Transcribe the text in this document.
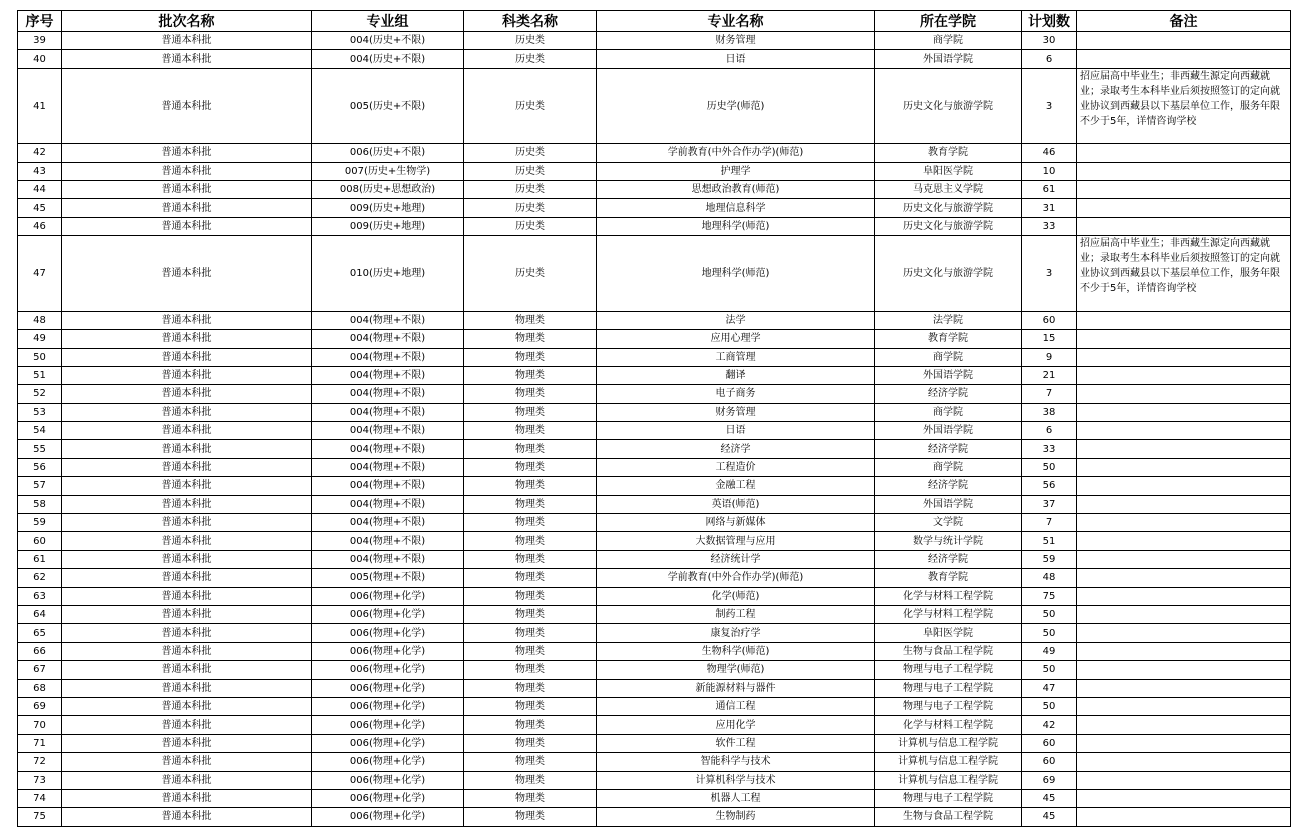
序号	批次名称	专业组	科类名称	专业名称	所在学院	计划数	备注
39	普通本科批	004(历史+不限)	历史类	财务管理	商学院	30	
40	普通本科批	004(历史+不限)	历史类	日语	外国语学院	6	
41	普通本科批	005(历史+不限)	历史类	历史学(师范)	历史文化与旅游学院	3	招应届高中毕业生；非西藏生源定向西藏就业；录取考生本科毕业后须按照签订的定向就业协议到西藏县以下基层单位工作，服务年限不少于5年，详情咨询学校
42	普通本科批	006(历史+不限)	历史类	学前教育(中外合作办学)(师范)	教育学院	46	
43	普通本科批	007(历史+生物学)	历史类	护理学	阜阳医学院	10	
44	普通本科批	008(历史+思想政治)	历史类	思想政治教育(师范)	马克思主义学院	61	
45	普通本科批	009(历史+地理)	历史类	地理信息科学	历史文化与旅游学院	31	
46	普通本科批	009(历史+地理)	历史类	地理科学(师范)	历史文化与旅游学院	33	
47	普通本科批	010(历史+地理)	历史类	地理科学(师范)	历史文化与旅游学院	3	招应届高中毕业生；非西藏生源定向西藏就业；录取考生本科毕业后须按照签订的定向就业协议到西藏县以下基层单位工作，服务年限不少于5年，详情咨询学校
48	普通本科批	004(物理+不限)	物理类	法学	法学院	60	
49	普通本科批	004(物理+不限)	物理类	应用心理学	教育学院	15	
50	普通本科批	004(物理+不限)	物理类	工商管理	商学院	9	
51	普通本科批	004(物理+不限)	物理类	翻译	外国语学院	21	
52	普通本科批	004(物理+不限)	物理类	电子商务	经济学院	7	
53	普通本科批	004(物理+不限)	物理类	财务管理	商学院	38	
54	普通本科批	004(物理+不限)	物理类	日语	外国语学院	6	
55	普通本科批	004(物理+不限)	物理类	经济学	经济学院	33	
56	普通本科批	004(物理+不限)	物理类	工程造价	商学院	50	
57	普通本科批	004(物理+不限)	物理类	金融工程	经济学院	56	
58	普通本科批	004(物理+不限)	物理类	英语(师范)	外国语学院	37	
59	普通本科批	004(物理+不限)	物理类	网络与新媒体	文学院	7	
60	普通本科批	004(物理+不限)	物理类	大数据管理与应用	数学与统计学院	51	
61	普通本科批	004(物理+不限)	物理类	经济统计学	经济学院	59	
62	普通本科批	005(物理+不限)	物理类	学前教育(中外合作办学)(师范)	教育学院	48	
63	普通本科批	006(物理+化学)	物理类	化学(师范)	化学与材料工程学院	75	
64	普通本科批	006(物理+化学)	物理类	制药工程	化学与材料工程学院	50	
65	普通本科批	006(物理+化学)	物理类	康复治疗学	阜阳医学院	50	
66	普通本科批	006(物理+化学)	物理类	生物科学(师范)	生物与食品工程学院	49	
67	普通本科批	006(物理+化学)	物理类	物理学(师范)	物理与电子工程学院	50	
68	普通本科批	006(物理+化学)	物理类	新能源材料与器件	物理与电子工程学院	47	
69	普通本科批	006(物理+化学)	物理类	通信工程	物理与电子工程学院	50	
70	普通本科批	006(物理+化学)	物理类	应用化学	化学与材料工程学院	42	
71	普通本科批	006(物理+化学)	物理类	软件工程	计算机与信息工程学院	60	
72	普通本科批	006(物理+化学)	物理类	智能科学与技术	计算机与信息工程学院	60	
73	普通本科批	006(物理+化学)	物理类	计算机科学与技术	计算机与信息工程学院	69	
74	普通本科批	006(物理+化学)	物理类	机器人工程	物理与电子工程学院	45	
75	普通本科批	006(物理+化学)	物理类	生物制药	生物与食品工程学院	45	
